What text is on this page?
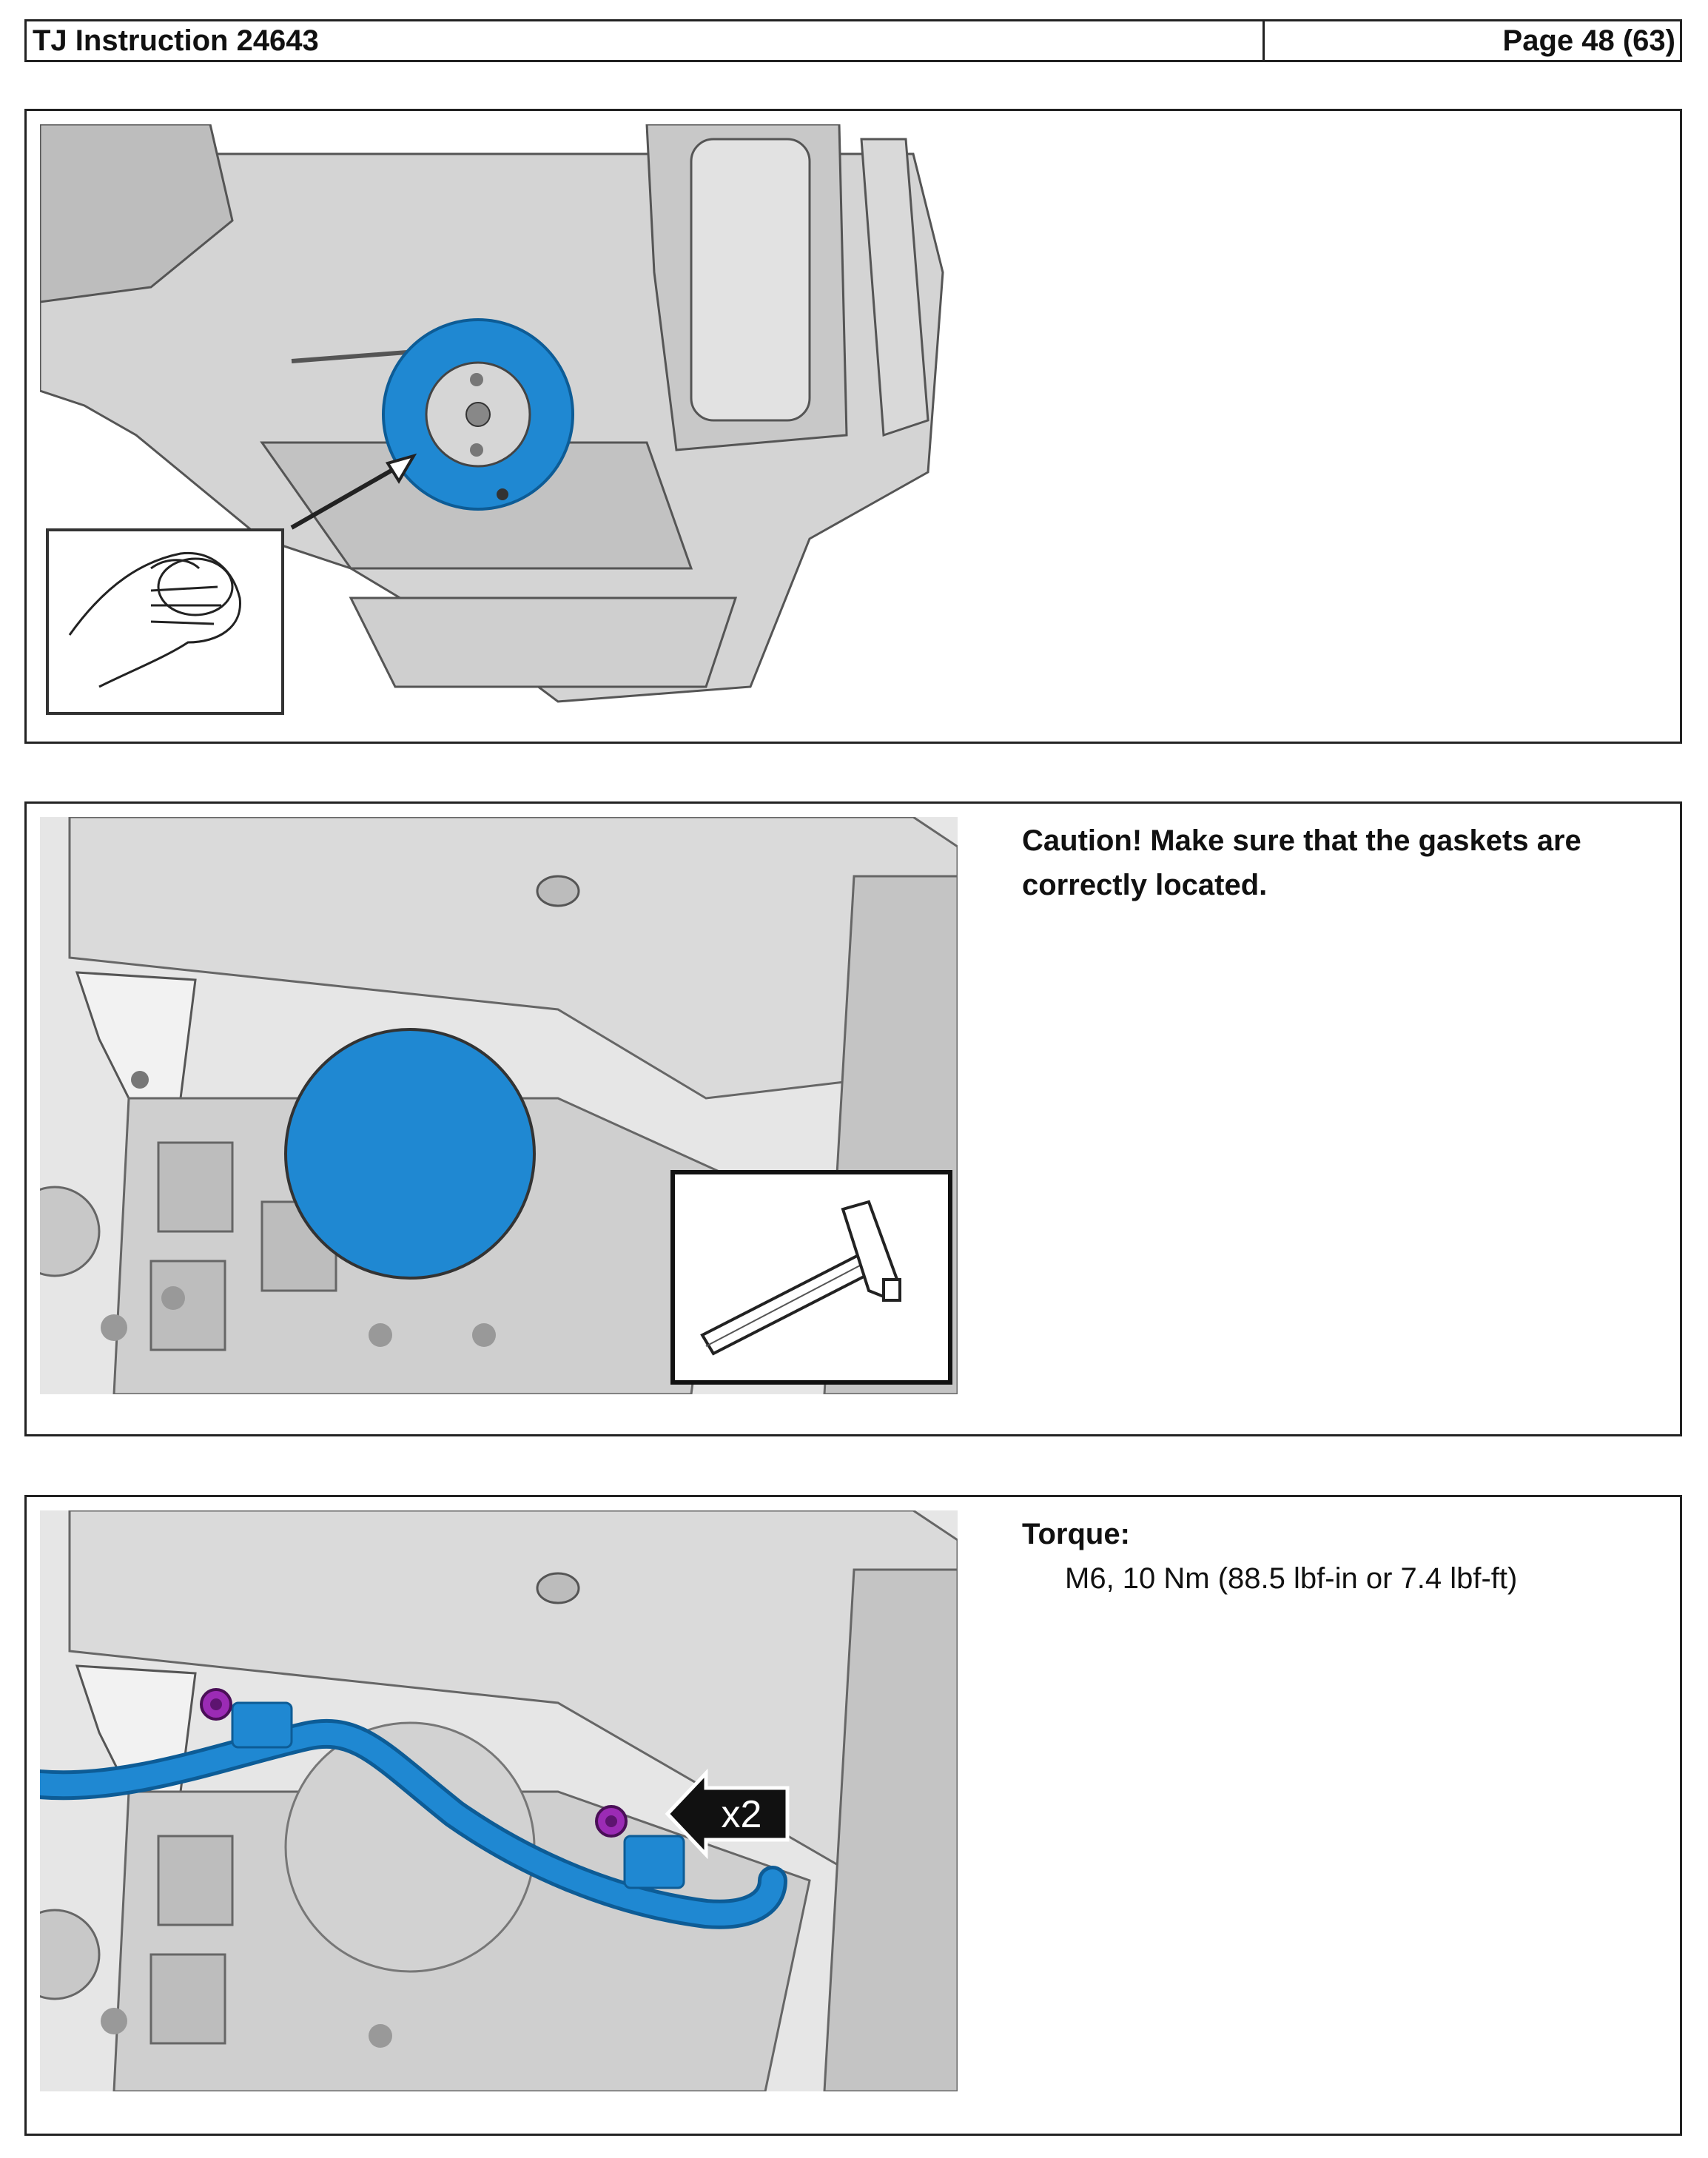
TJ Instruction 24643	Page 48 (63)
Caution! Make sure that the gaskets are correctly located.
x2
Torque:
M6, 10 Nm (88.5 lbf-in or 7.4 lbf-ft)
